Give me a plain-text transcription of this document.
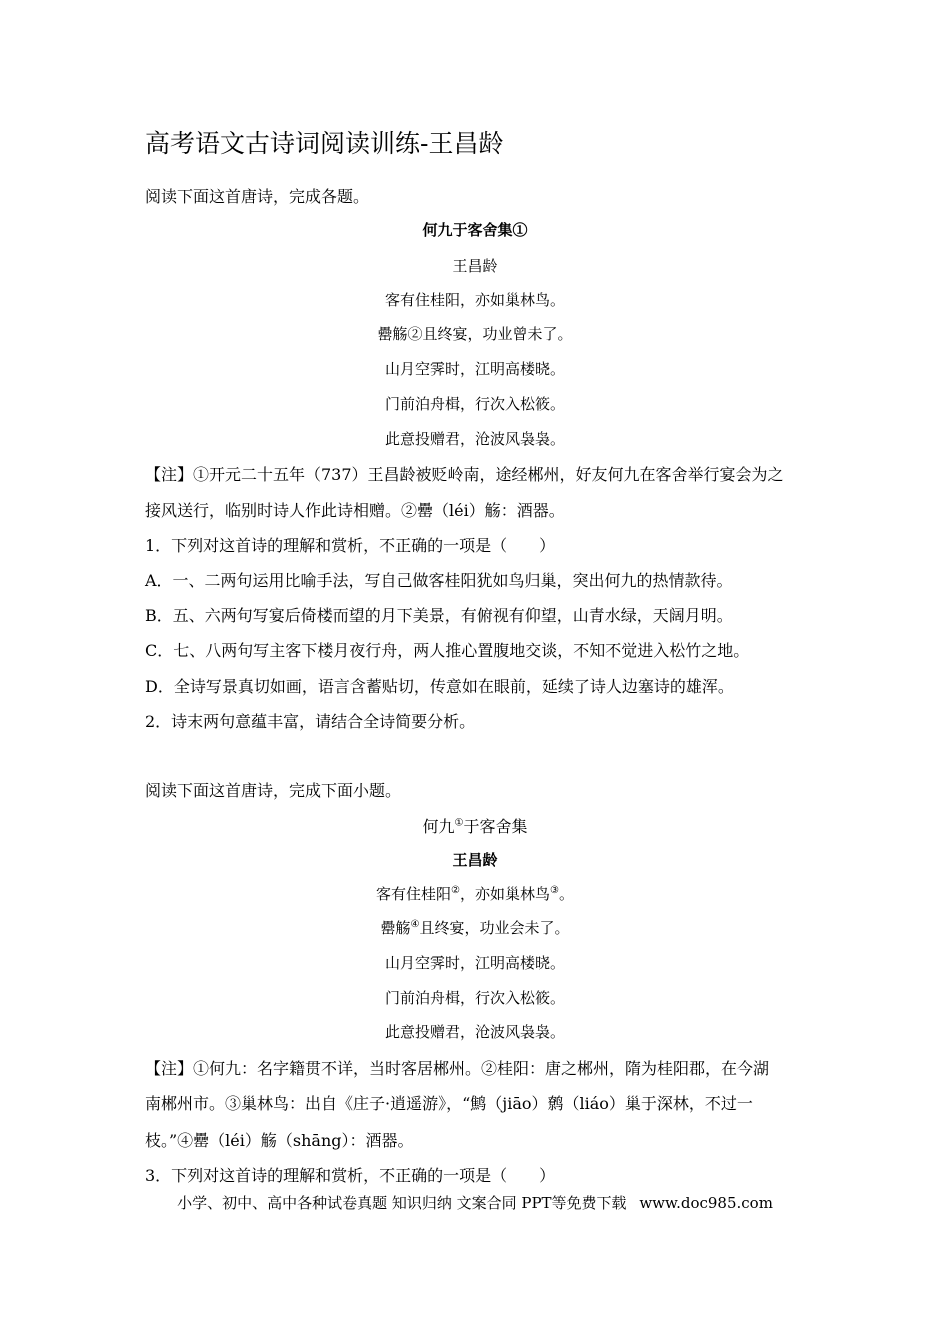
高考语文古诗词阅读训练-王昌龄
阅读下面这首唐诗，完成各题。
何九于客舍集①
王昌龄
客有住桂阳，亦如巢林鸟。
罍觞②且终宴，功业曾未了。
山月空霁时，江明高楼晓。
门前泊舟楫，行次入松筱。
此意投赠君，沧波风袅袅。
【注】①开元二十五年（737）王昌龄被贬岭南，途经郴州，好友何九在客舍举行宴会为之
接风送行，临别时诗人作此诗相赠。②罍（léi）觞：酒器。
1．下列对这首诗的理解和赏析，不正确的一项是（　　）
A．一、二两句运用比喻手法，写自己做客桂阳犹如鸟归巢，突出何九的热情款待。
B．五、六两句写宴后倚楼而望的月下美景，有俯视有仰望，山青水绿，天阔月明。
C．七、八两句写主客下楼月夜行舟，两人推心置腹地交谈，不知不觉进入松竹之地。
D．全诗写景真切如画，语言含蓄贴切，传意如在眼前，延续了诗人边塞诗的雄浑。
2．诗末两句意蕴丰富，请结合全诗简要分析。
阅读下面这首唐诗，完成下面小题。
何九①于客舍集
王昌龄
客有住桂阳②，亦如巢林鸟③。
罍觞④且终宴，功业会未了。
山月空霁时，江明高楼晓。
门前泊舟楫，行次入松筱。
此意投赠君，沧波风袅袅。
【注】①何九：名字籍贯不详，当时客居郴州。②桂阳：唐之郴州，隋为桂阳郡，在今湖
南郴州市。③巢林鸟：出自《庄子·逍遥游》，“鹪（jiāo）鹩（liáo）巢于深林，不过一
枝。”④罍（léi）觞（shāng）：酒器。
3．下列对这首诗的理解和赏析，不正确的一项是（　　）
小学、初中、高中各种试卷真题 知识归纳 文案合同 PPT等免费下载 www.doc985.com
